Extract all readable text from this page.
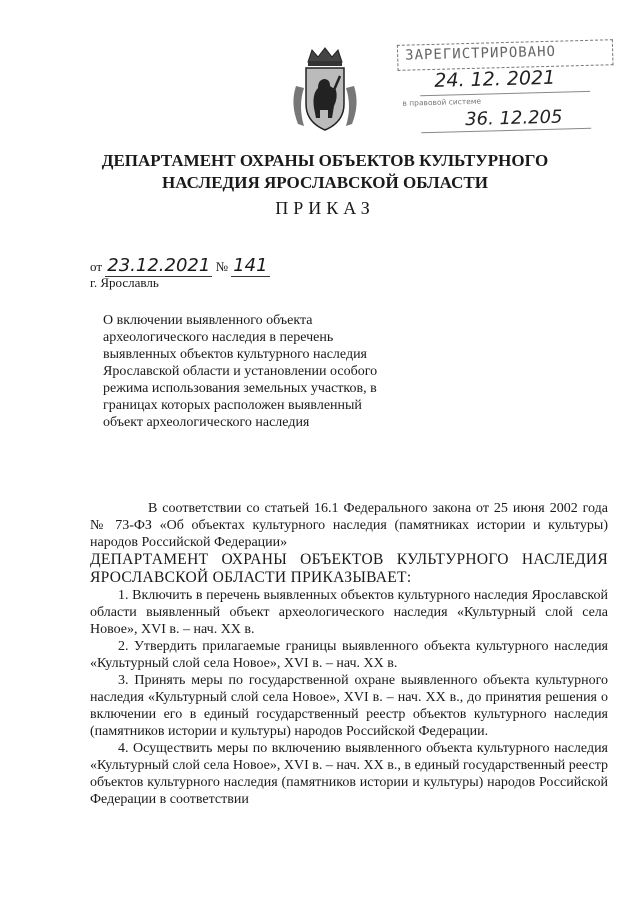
ЗАРЕГИСТРИРОВАНО
24. 12. 2021
в правовой системе
36. 12.205
ДЕПАРТАМЕНТ ОХРАНЫ ОБЪЕКТОВ КУЛЬТУРНОГО НАСЛЕДИЯ ЯРОСЛАВСКОЙ ОБЛАСТИ
ПРИКАЗ
от 23.12.2021 № 141
г. Ярославль
О включении выявленного объекта археологического наследия в перечень выявленных объектов культурного наследия Ярославской области и установлении особого режима использования земельных участков, в границах которых расположен выявленный объект археологического наследия

В соответствии со статьей 16.1 Федерального закона от 25 июня 2002 года № 73-ФЗ «Об объектах культурного наследия (памятниках истории и культуры) народов Российской Федерации»

ДЕПАРТАМЕНТ ОХРАНЫ ОБЪЕКТОВ КУЛЬТУРНОГО НАСЛЕДИЯ ЯРОСЛАВСКОЙ ОБЛАСТИ ПРИКАЗЫВАЕТ:

1. Включить в перечень выявленных объектов культурного наследия Ярославской области выявленный объект археологического наследия «Культурный слой села Новое», XVI в. – нач. XX в.

2. Утвердить прилагаемые границы выявленного объекта культурного наследия «Культурный слой села Новое», XVI в. – нач. XX в.

3. Принять меры по государственной охране выявленного объекта культурного наследия «Культурный слой села Новое», XVI в. – нач. XX в., до принятия решения о включении его в единый государственный реестр объектов культурного наследия (памятников истории и культуры) народов Российской Федерации.

4. Осуществить меры по включению выявленного объекта культурного наследия «Культурный слой села Новое», XVI в. – нач. XX в., в единый государственный реестр объектов культурного наследия (памятников истории и культуры) народов Российской Федерации в соответствии
